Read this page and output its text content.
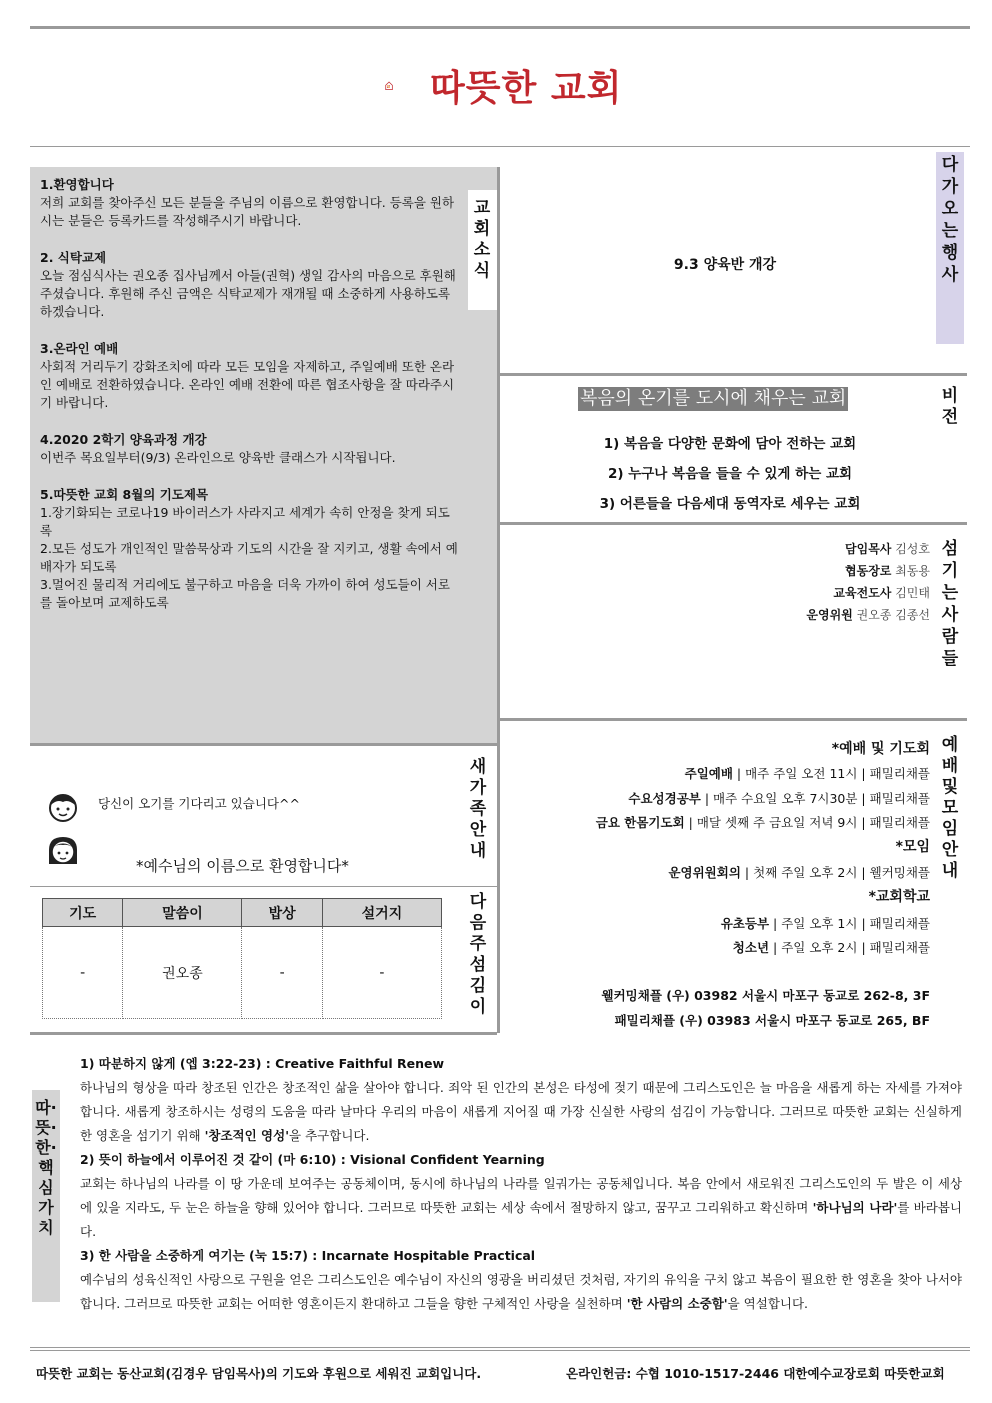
따뜻한 교회
교회소식
1.환영합니다
저희 교회를 찾아주신 모든 분들을 주님의 이름으로 환영합니다. 등록을 원하시는 분들은 등록카드를 작성해주시기 바랍니다.
2. 식탁교제
오늘 점심식사는 권오종 집사님께서 아들(권혁) 생일 감사의 마음으로 후원해 주셨습니다. 후원해 주신 금액은 식탁교제가 재개될 때 소중하게 사용하도록 하겠습니다.
3.온라인 예배
사회적 거리두기 강화조치에 따라 모든 모임을 자제하고, 주일예배 또한 온라인 예배로 전환하였습니다. 온라인 예배 전환에 따른 협조사항을 잘 따라주시기 바랍니다.
4.2020 2학기 양육과정 개강
이번주 목요일부터(9/3) 온라인으로 양육반 클래스가 시작됩니다.
5.따뜻한 교회 8월의 기도제목
1.장기화되는 코로나19 바이러스가 사라지고 세계가 속히 안정을 찾게 되도록
2.모든 성도가 개인적인 말씀묵상과 기도의 시간을 잘 지키고, 생활 속에서 예배자가 되도록
3.멀어진 물리적 거리에도 불구하고 마음을 더욱 가까이 하여 성도들이 서로를 돌아보며 교제하도록
다가오는 행사
9.3 양육반 개강
비전
복음의 온기를 도시에 채우는 교회
1) 복음을 다양한 문화에 담아 전하는 교회
2) 누구나 복음을 들을 수 있게 하는 교회
3) 어른들을 다음세대 동역자로 세우는 교회
섬기는사람들
담임목사 김성호
협동장로 최동용
교육전도사 김민태
운영위원 권오종 김종선
예배및모임안내
*예배 및 기도회
주일예배 | 매주 주일 오전 11시 | 패밀리채플
수요성경공부 | 매주 수요일 오후 7시30분 | 패밀리채플
금요 한몸기도회 | 매달 셋째 주 금요일 저녁 9시 | 패밀리채플
*모임
운영위원회의 | 첫째 주일 오후 2시 | 웰커밍채플
*교회학교
유초등부 | 주일 오후 1시 | 패밀리채플
청소년 | 주일 오후 2시 | 패밀리채플
웰커밍채플 (우) 03982 서울시 마포구 동교로 262-8, 3F
패밀리채플 (우) 03983 서울시 마포구 동교로 265, BF
새가족안내
당신이 오기를 기다리고 있습니다^^
*예수님의 이름으로 환영합니다*
다음주섬김이
기도	말씀이	밥상	설거지
-	권오종	-	-
따·뜻·한·핵심가치
1) 따분하지 않게 (엡 3:22-23) : Creative Faithful Renew
하나님의 형상을 따라 창조된 인간은 창조적인 삶을 살아야 합니다. 죄악 된 인간의 본성은 타성에 젖기 때문에 그리스도인은 늘 마음을 새롭게 하는 자세를 가져야합니다. 새롭게 창조하시는 성령의 도움을 따라 날마다 우리의 마음이 새롭게 지어질 때 가장 신실한 사랑의 섬김이 가능합니다. 그러므로 따뜻한 교회는 신실하게 한 영혼을 섬기기 위해 '창조적인 영성'을 추구합니다.
2) 뜻이 하늘에서 이루어진 것 같이 (마 6:10) : Visional Confident Yearning
교회는 하나님의 나라를 이 땅 가운데 보여주는 공동체이며, 동시에 하나님의 나라를 일궈가는 공동체입니다. 복음 안에서 새로워진 그리스도인의 두 발은 이 세상에 있을 지라도, 두 눈은 하늘을 향해 있어야 합니다. 그러므로 따뜻한 교회는 세상 속에서 절망하지 않고, 꿈꾸고 그리워하고 확신하며 '하나님의 나라'를 바라봅니다.
3) 한 사람을 소중하게 여기는 (눅 15:7) : Incarnate Hospitable Practical
예수님의 성육신적인 사랑으로 구원을 얻은 그리스도인은 예수님이 자신의 영광을 버리셨던 것처럼, 자기의 유익을 구치 않고 복음이 필요한 한 영혼을 찾아 나서야 합니다. 그러므로 따뜻한 교회는 어떠한 영혼이든지 환대하고 그들을 향한 구체적인 사랑을 실천하며 '한 사람의 소중함'을 역설합니다.
따뜻한 교회는 동산교회(김경우 담임목사)의 기도와 후원으로 세워진 교회입니다.	온라인헌금: 수협 1010-1517-2446 대한예수교장로회 따뜻한교회
